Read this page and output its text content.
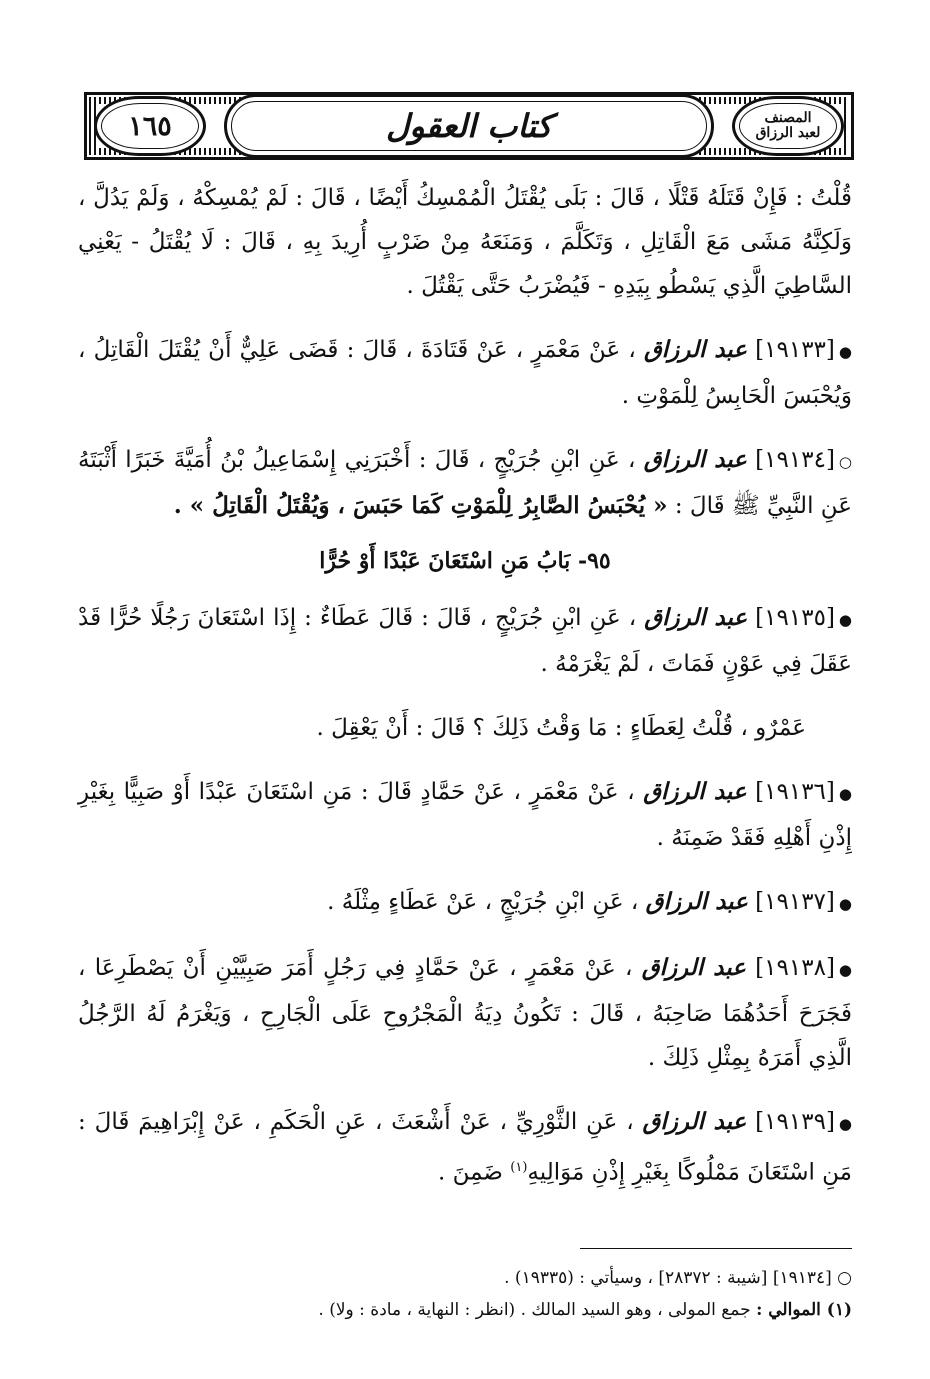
١٦٥	كتاب العقول	المصنف
لعبد الرزاق

قُلْتُ : فَإِنْ قَتَلَهُ قَتْلًا ، قَالَ : بَلَى يُقْتَلُ الْمُمْسِكُ أَيْضًا ، قَالَ : لَمْ يُمْسِكْهُ ، وَلَمْ يَدُلَّ ، وَلَكِنَّهُ مَشَى مَعَ الْقَاتِلِ ، وَتَكَلَّمَ ، وَمَنَعَهُ مِنْ ضَرْبٍ أُرِيدَ بِهِ ، قَالَ : لَا يُقْتَلُ - يَعْنِي السَّاطِيَ الَّذِي يَسْطُو بِيَدِهِ - فَيُضْرَبُ حَتَّى يَقْتُلَ .

●[١٩١٣٣] عبد الرزاق ، عَنْ مَعْمَرٍ ، عَنْ قَتَادَةَ ، قَالَ : قَضَى عَلِيٌّ أَنْ يُقْتَلَ الْقَاتِلُ ، وَيُحْبَسَ الْحَابِسُ لِلْمَوْتِ .

○[١٩١٣٤] عبد الرزاق ، عَنِ ابْنِ جُرَيْجٍ ، قَالَ : أَخْبَرَنِي إِسْمَاعِيلُ بْنُ أُمَيَّةَ خَبَرًا أَثْبَتَهُ عَنِ النَّبِيِّ ﷺ قَالَ : « يُحْبَسُ الصَّابِرُ لِلْمَوْتِ كَمَا حَبَسَ ، وَيُقْتَلُ الْقَاتِلُ » .

٩٥- بَابُ مَنِ اسْتَعَانَ عَبْدًا أَوْ حُرًّا

●[١٩١٣٥] عبد الرزاق ، عَنِ ابْنِ جُرَيْجٍ ، قَالَ : قَالَ عَطَاءٌ : إِذَا اسْتَعَانَ رَجُلًا حُرًّا قَدْ عَقَلَ فِي عَوْنٍ فَمَاتَ ، لَمْ يَغْرَمْهُ .

عَمْرٌو ، قُلْتُ لِعَطَاءٍ : مَا وَقْتُ ذَلِكَ ؟ قَالَ : أَنْ يَعْقِلَ .

●[١٩١٣٦] عبد الرزاق ، عَنْ مَعْمَرٍ ، عَنْ حَمَّادٍ قَالَ : مَنِ اسْتَعَانَ عَبْدًا أَوْ صَبِيًّا بِغَيْرِ إِذْنِ أَهْلِهِ فَقَدْ ضَمِنَهُ .

●[١٩١٣٧] عبد الرزاق ، عَنِ ابْنِ جُرَيْجٍ ، عَنْ عَطَاءٍ مِثْلَهُ .

●[١٩١٣٨] عبد الرزاق ، عَنْ مَعْمَرٍ ، عَنْ حَمَّادٍ فِي رَجُلٍ أَمَرَ صَبِيَّيْنِ أَنْ يَصْطَرِعَا ، فَجَرَحَ أَحَدُهُمَا صَاحِبَهُ ، قَالَ : تَكُونُ دِيَةُ الْمَجْرُوحِ عَلَى الْجَارِحِ ، وَيَغْرَمُ لَهُ الرَّجُلُ الَّذِي أَمَرَهُ بِمِثْلِ ذَلِكَ .

●[١٩١٣٩] عبد الرزاق ، عَنِ الثَّوْرِيِّ ، عَنْ أَشْعَثَ ، عَنِ الْحَكَمِ ، عَنْ إِبْرَاهِيمَ قَالَ : مَنِ اسْتَعَانَ مَمْلُوكًا بِغَيْرِ إِذْنِ مَوَالِيهِ$^{(١)}$ ضَمِنَ .

○ [١٩١٣٤] [شيبة : ٢٨٣٧٢] ، وسيأتي : (١٩٣٣٥) .
(١) الموالي : جمع المولى ، وهو السيد المالك . (انظر : النهاية ، مادة : ولا) .
